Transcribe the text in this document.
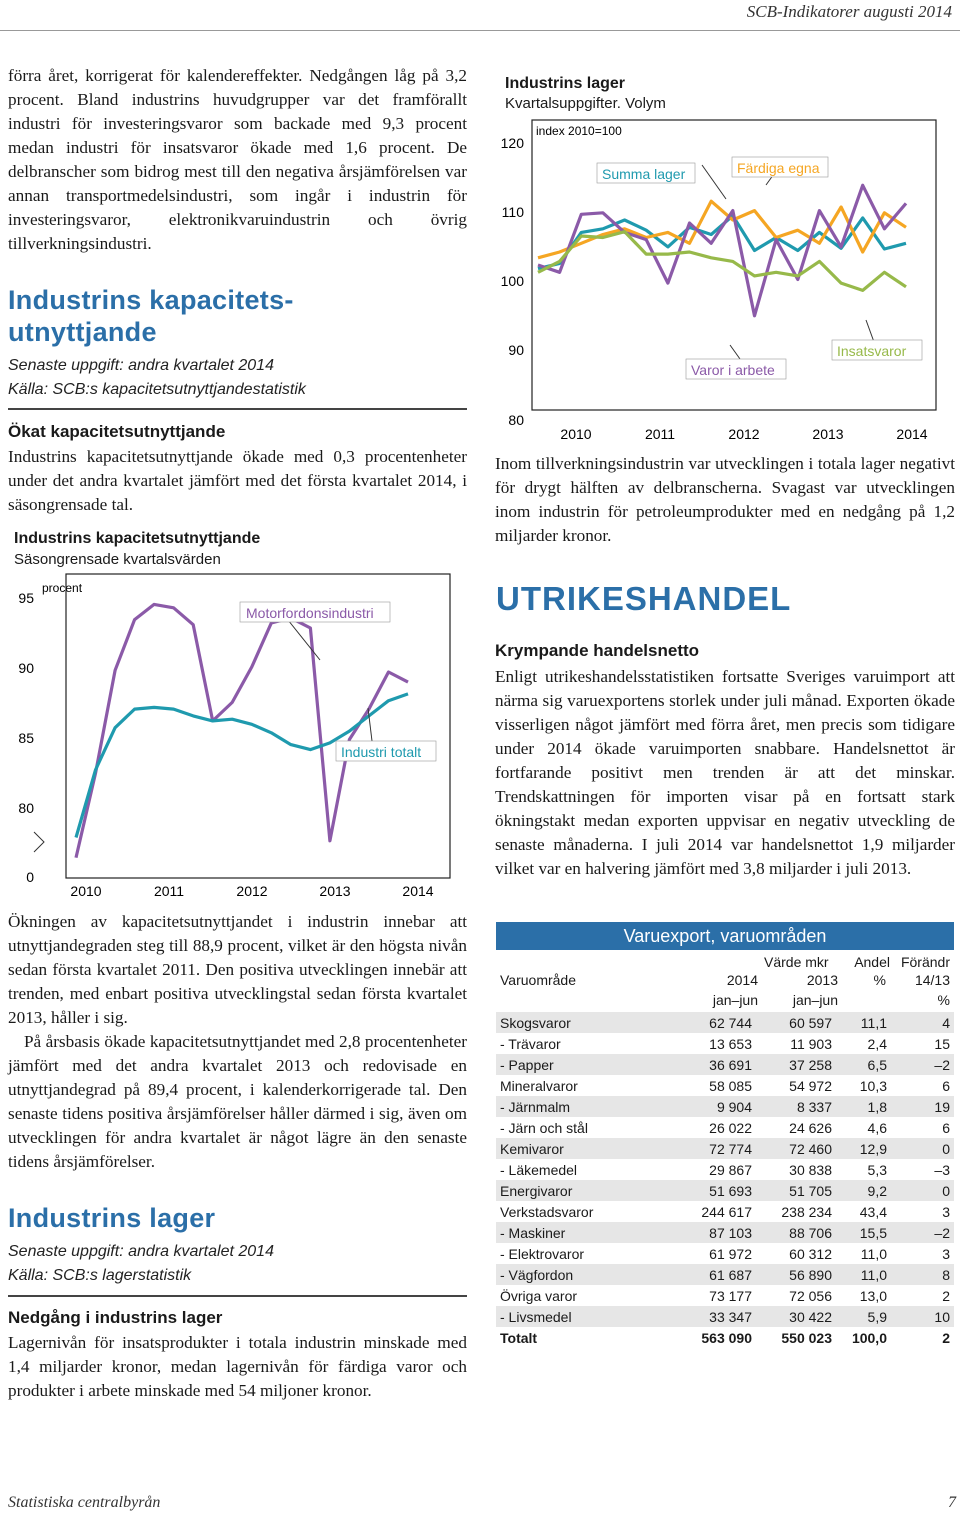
SCB-Indikatorer augusti 2014
förra året, korrigerat för kalendereffekter. Nedgången låg på 3,2 procent. Bland industrins huvudgrupper var det framförallt industri för investeringsvaror som backade med 9,3 procent medan industri för insatsvaror ökade med 1,6 procent. De delbranscher som bidrog mest till den negativa årsjämförelsen var annan transportmedelsindustri, som ingår i industrin för investeringsvaror, elektronikvaruindustrin och övrig tillverkningsindustri.
Industrins kapacitets-
utnyttjande
Senaste uppgift: andra kvartalet 2014
Källa: SCB:s kapacitetsutnyttjandestatistik
Ökat kapacitetsutnyttjande
Industrins kapacitetsutnyttjande ökade med 0,3 procentenheter under det andra kvartalet jämfört med det första kvartalet 2014, i säsongrensade tal.
Industrins kapacitetsutnyttjande
Säsongrensade kvartalsvärden
procent
95
90
85
80
0
2010	2011	2012	2013	2014
Motorfordonsindustri
Industri totalt

Ökningen av kapacitetsutnyttjandet i industrin innebar att utnyttjandegraden steg till 88,9 procent, vilket är den högsta nivån sedan första kvartalet 2011. Den positiva utvecklingen innebär att trenden, med enbart positiva utvecklingstal sedan första kvartalet 2013, håller i sig.

På årsbasis ökade kapacitetsutnyttjandet med 2,8 procentenheter jämfört med det andra kvartalet 2013 och redovisade en utnyttjandegrad på 89,4 procent, i kalenderkorrigerade tal. Den senaste tidens positiva årsjämförelser håller därmed i sig, även om utvecklingen för andra kvartalet är något lägre än den senaste tidens årsjämförelser.

Industrins lager
Senaste uppgift: andra kvartalet 2014
Källa: SCB:s lagerstatistik
Nedgång i industrins lager
Lagernivån för insatsprodukter i totala industrin minskade med 1,4 miljarder kronor, medan lagernivån för färdiga varor och produkter i arbete minskade med 54 miljoner kronor.
Industrins lager
Kvartalsuppgifter. Volym
index 2010=100
120
110
100
90
80
2010	2011	2012	2013	2014
Summa lager	Färdiga egna
Varor i arbete
Insatsvaror
Inom tillverkningsindustrin var utvecklingen i totala lager negativt för drygt hälften av delbranscherna. Svagast var utvecklingen inom industrin för petroleumprodukter med en nedgång på 1,2 miljarder kronor.
UTRIKESHANDEL
Krympande handelsnetto
Enligt utrikeshandelsstatistiken fortsatte Sveriges varuimport att närma sig varuexportens storlek under juli månad. Exporten ökade visserligen något jämfört med förra året, men precis som tidigare under 2014 ökade varuimporten snabbare. Handelsnettot är fortfarande positivt men trenden är att det minskar. Trendskattningen för importen visar på en fortsatt stark ökningstakt medan exporten uppvisar en negativ utveckling de senaste månaderna. I juli 2014 var handelsnettot 1,9 miljarder vilket var en halvering jämfört med 3,8 miljarder i juli 2013.
Varuexport, varuområden
Varuområde
Värde mkr
2014
jan–jun
2013
jan–jun
Andel
%
Förändr
14/13
%
Skogsvaror	62 744	60 597	11,1	4
- Trävaror	13 653	11 903	2,4	15
- Papper	36 691	37 258	6,5	–2
Mineralvaror	58 085	54 972	10,3	6
- Järnmalm	9 904	8 337	1,8	19
- Järn och stål	26 022	24 626	4,6	6
Kemivaror	72 774	72 460	12,9	0
- Läkemedel	29 867	30 838	5,3	–3
Energivaror	51 693	51 705	9,2	0
Verkstadsvaror	244 617	238 234	43,4	3
- Maskiner	87 103	88 706	15,5	–2
- Elektrovaror	61 972	60 312	11,0	3
- Vägfordon	61 687	56 890	11,0	8
Övriga varor	73 177	72 056	13,0	2
- Livsmedel	33 347	30 422	5,9	10
Totalt	563 090	550 023	100,0	2
Statistiska centralbyrån	7
